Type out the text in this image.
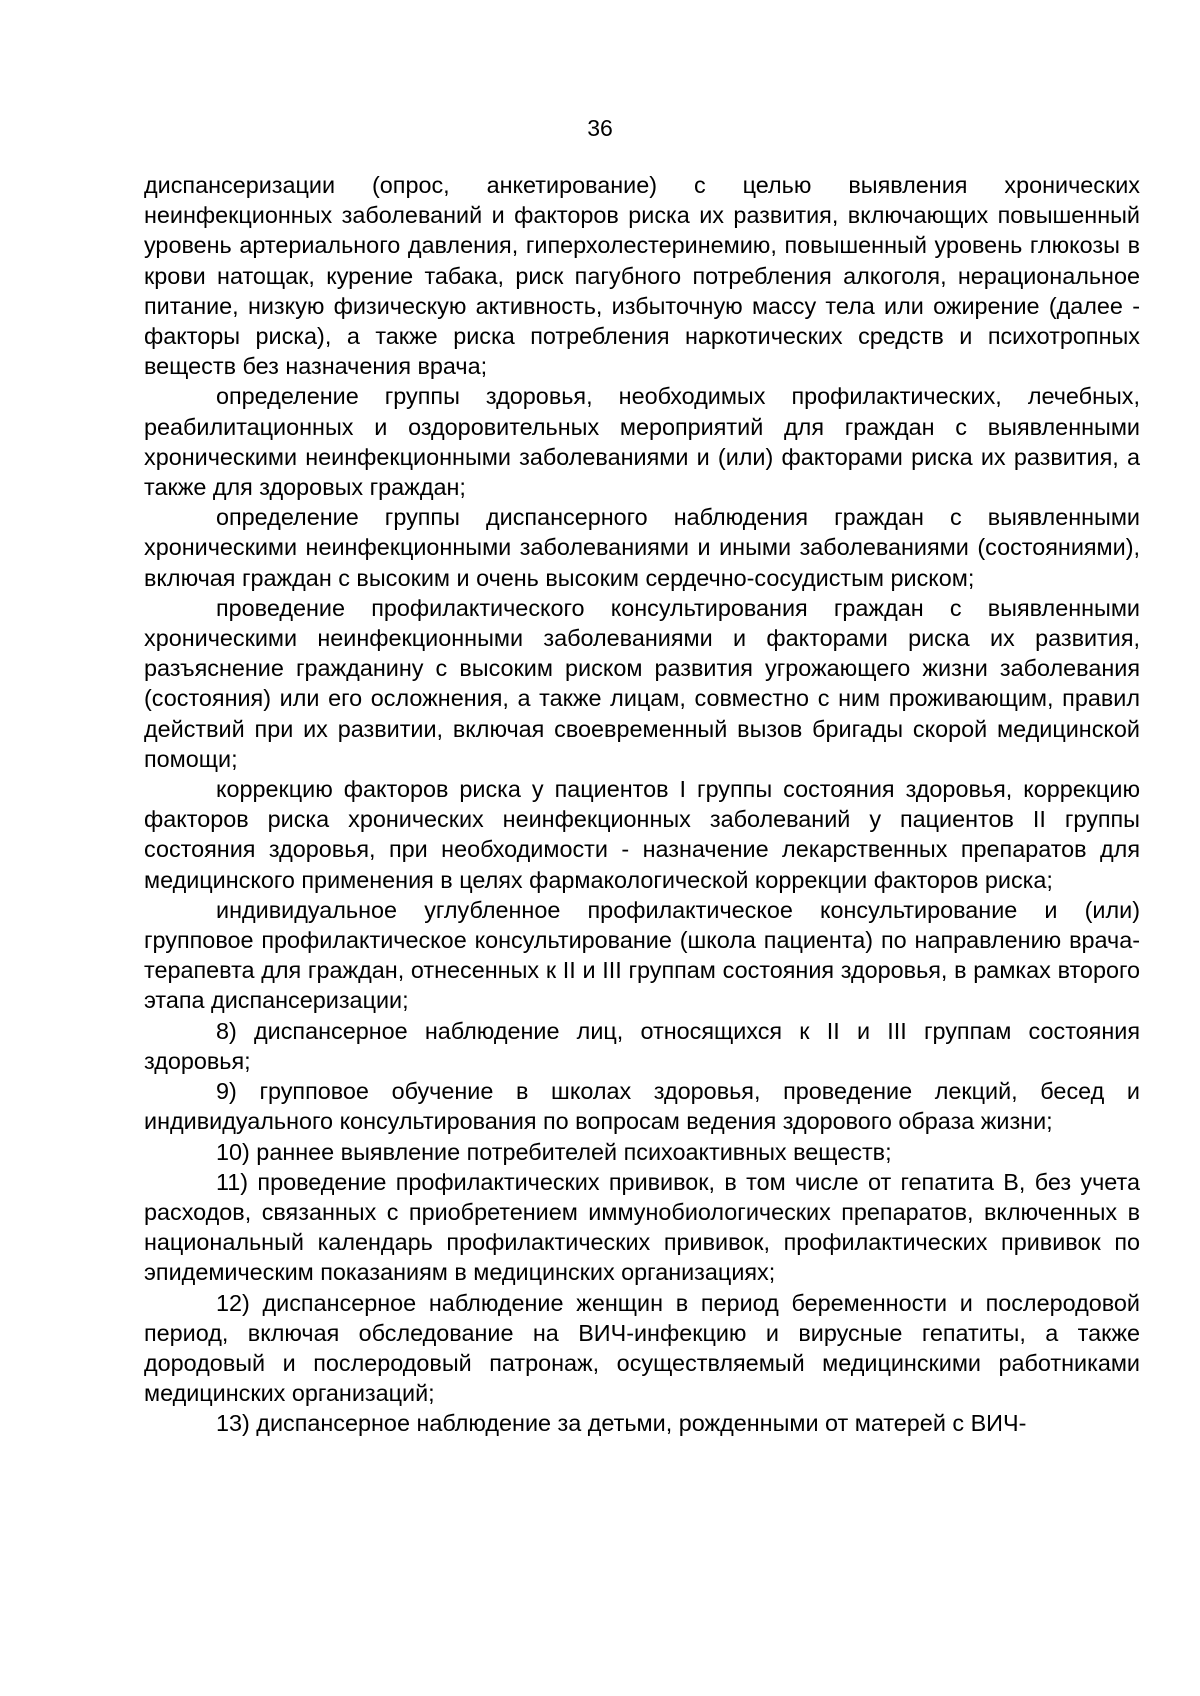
36

диспансеризации (опрос, анкетирование) с целью выявления хронических неинфекционных заболеваний и факторов риска их развития, включающих повышенный уровень артериального давления, гиперхолестеринемию, повышенный уровень глюкозы в крови натощак, курение табака, риск пагубного потребления алкоголя, нерациональное питание, низкую физическую активность, избыточную массу тела или ожирение (далее - факторы риска), а также риска потребления наркотических средств и психотропных веществ без назначения врача;

определение группы здоровья, необходимых профилактических, лечебных, реабилитационных и оздоровительных мероприятий для граждан с выявленными хроническими неинфекционными заболеваниями и (или) факторами риска их развития, а также для здоровых граждан;

определение группы диспансерного наблюдения граждан с выявленными хроническими неинфекционными заболеваниями и иными заболеваниями (состояниями), включая граждан с высоким и очень высоким сердечно-сосудистым риском;

проведение профилактического консультирования граждан с выявленными хроническими неинфекционными заболеваниями и факторами риска их развития, разъяснение гражданину с высоким риском развития угрожающего жизни заболевания (состояния) или его осложнения, а также лицам, совместно с ним проживающим, правил действий при их развитии, включая своевременный вызов бригады скорой медицинской помощи;

коррекцию факторов риска у пациентов I группы состояния здоровья, коррекцию факторов риска хронических неинфекционных заболеваний у пациентов II группы состояния здоровья, при необходимости - назначение лекарственных препаратов для медицинского применения в целях фармакологической коррекции факторов риска;

индивидуальное углубленное профилактическое консультирование и (или) групповое профилактическое консультирование (школа пациента) по направлению врача-терапевта для граждан, отнесенных к II и III группам состояния здоровья, в рамках второго этапа диспансеризации;

8) диспансерное наблюдение лиц, относящихся к II и III группам состояния здоровья;

9) групповое обучение в школах здоровья, проведение лекций, бесед и индивидуального консультирования по вопросам ведения здорового образа жизни;

10) раннее выявление потребителей психоактивных веществ;

11) проведение профилактических прививок, в том числе от гепатита В, без учета расходов, связанных с приобретением иммунобиологических препаратов, включенных в национальный календарь профилактических прививок, профилактических прививок по эпидемическим показаниям в медицинских организациях;

12) диспансерное наблюдение женщин в период беременности и послеродовой период, включая обследование на ВИЧ-инфекцию и вирусные гепатиты, а также дородовый и послеродовый патронаж, осуществляемый медицинскими работниками медицинских организаций;

13) диспансерное наблюдение за детьми, рожденными от матерей с ВИЧ-
